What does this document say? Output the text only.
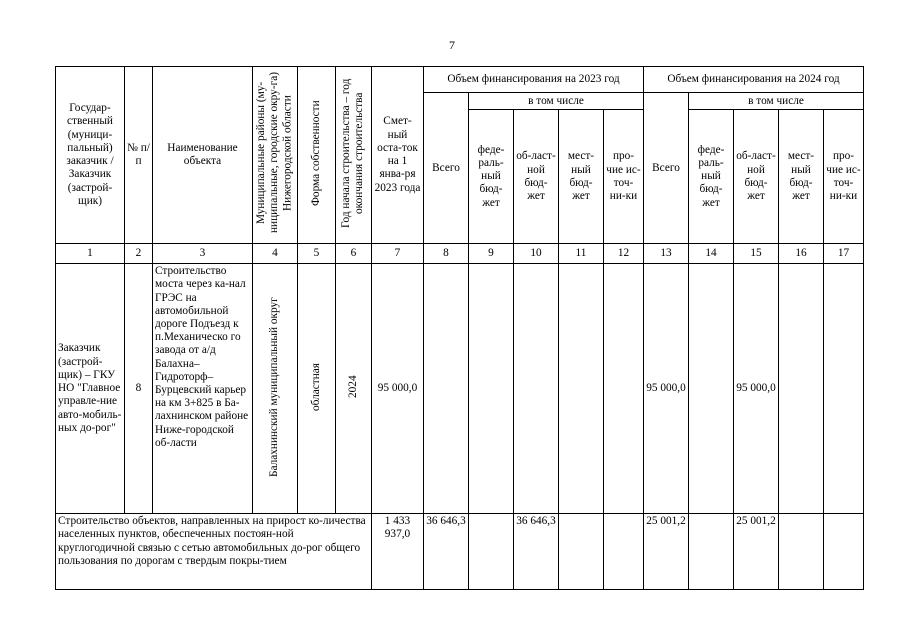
7
Государ-ственный (муници-пальный) заказчик / Заказчик (застрой-щик)	№ п/п	Наименование объекта	Муниципальные районы (му-ниципальные, городские окру-га) Нижегородской области	Форма собственности	Год начала строительства – год окончания строительства	Смет-ный оста-ток на 1 янва-ря 2023 года	Объем финансирования на 2023 год					Объем финансирования на 2024 год				
							Всего	в том числе				Всего	в том числе			
								феде-раль-ный бюд-жет	об-ласт-ной бюд-жет	мест-ный бюд-жет	про-чие ис-точ-ни-ки		феде-раль-ный бюд-жет	об-ласт-ной бюд-жет	мест-ный бюд-жет	про-чие ис-точ-ни-ки
1	2	3	4	5	6	7	8	9	10	11	12	13	14	15	16	17
Заказчик (застрой-щик) – ГКУ НО "Главное управле-ние авто-мобиль-ных до-рог"	8	Строительство моста через ка-нал ГРЭС на автомобильной дороге Подъезд к п.Механическо го завода от а/д Балахна– Гидроторф– Бурцевский карьер на км 3+825 в Ба-лахнинском районе Ниже-городской об-ласти	Балахнинский муниципальный округ	областная	2024	95 000,0						95 000,0		95 000,0		
Строительство объектов, направленных на прирост ко-личества населенных пунктов, обеспеченных постоян-ной круглогодичной связью с сетью автомобильных до-рог общего пользования по дорогам с твердым покры-тием						1 433 937,0	36 646,3		36 646,3			25 001,2		25 001,2		
